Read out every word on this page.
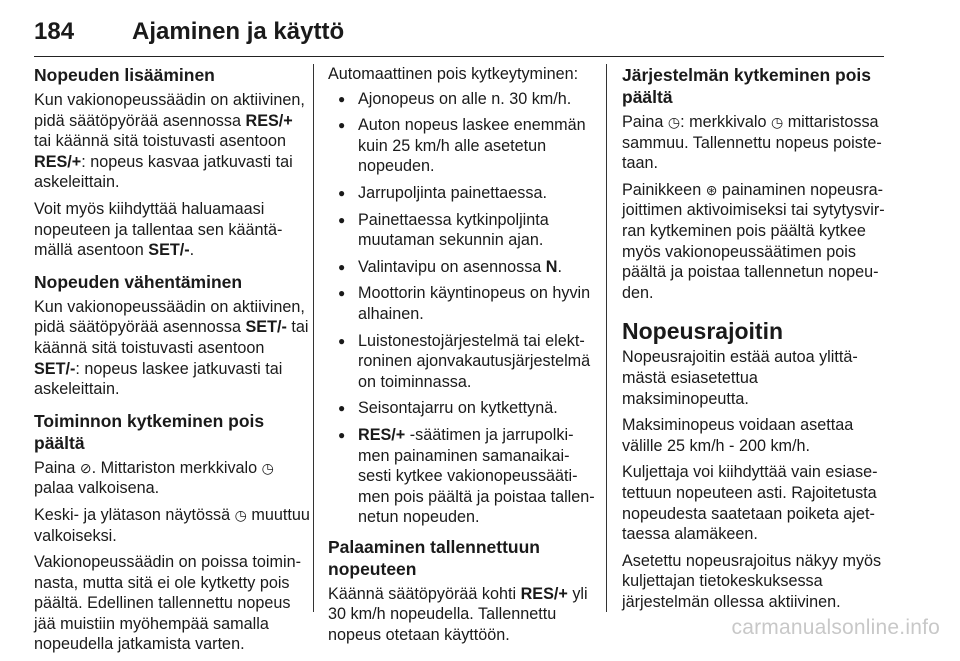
184 Ajaminen ja käyttö
Nopeuden lisääminen

Kun vakionopeussäädin on aktiivinen, pidä säätöpyörää asennossa RES/+ tai käännä sitä toistuvasti asentoon RES/+: nopeus kasvaa jatkuvasti tai askeleittain.

Voit myös kiihdyttää haluamaasi nopeuteen ja tallentaa sen kääntämällä asentoon SET/-.

Nopeuden vähentäminen

Kun vakionopeussäädin on aktiivinen, pidä säätöpyörää asennossa SET/- tai käännä sitä toistuvasti asentoon SET/-: nopeus laskee jatkuvasti tai askeleittain.

Toiminnon kytkeminen pois päältä

Paina ⊘. Mittariston merkkivalo ◷ palaa valkoisena.

Keski- ja ylätason näytössä ◷ muuttuu valkoiseksi.

Vakionopeussäädin on poissa toiminnasta, mutta sitä ei ole kytketty pois päältä. Edellinen tallennettu nopeus jää muistiin myöhempää samalla nopeudella jatkamista varten.

Automaattinen pois kytkeytyminen:

● Ajonopeus on alle n. 30 km/h.
● Auton nopeus laskee enemmän kuin 25 km/h alle asetetun nopeuden.
● Jarrupoljinta painettaessa.
● Painettaessa kytkinpoljinta muutaman sekunnin ajan.
● Valintavipu on asennossa N.
● Moottorin käyntinopeus on hyvin alhainen.
● Luistonestojärjestelmä tai elektroninen ajonvakautusjärjestelmä on toiminnassa.
● Seisontajarru on kytkettynä.
● RES/+ -säätimen ja jarrupolkimen painaminen samanaikaisesti kytkee vakionopeussäätimen pois päältä ja poistaa tallennetun nopeuden.
Palaaminen tallennettuun nopeuteen

Käännä säätöpyörää kohti RES/+ yli 30 km/h nopeudella. Tallennettu nopeus otetaan käyttöön.

Järjestelmän kytkeminen pois päältä

Paina ◷: merkkivalo ◷ mittaristossa sammuu. Tallennettu nopeus poistetaan.

Painikkeen ⊛ painaminen nopeusrajoittimen aktivoimiseksi tai sytytysvirran kytkeminen pois päältä kytkee myös vakionopeussäätimen pois päältä ja poistaa tallennetun nopeuden.

Nopeusrajoitin

Nopeusrajoitin estää autoa ylittämästä esiasetettua maksiminopeutta.

Maksiminopeus voidaan asettaa välille 25 km/h - 200 km/h.

Kuljettaja voi kiihdyttää vain esiasetettuun nopeuteen asti. Rajoitetusta nopeudesta saatetaan poiketa ajettaessa alamäkeen.

Asetettu nopeusrajoitus näkyy myös kuljettajan tietokeskuksessa järjestelmän ollessa aktiivinen.

carmanualsonline.info
